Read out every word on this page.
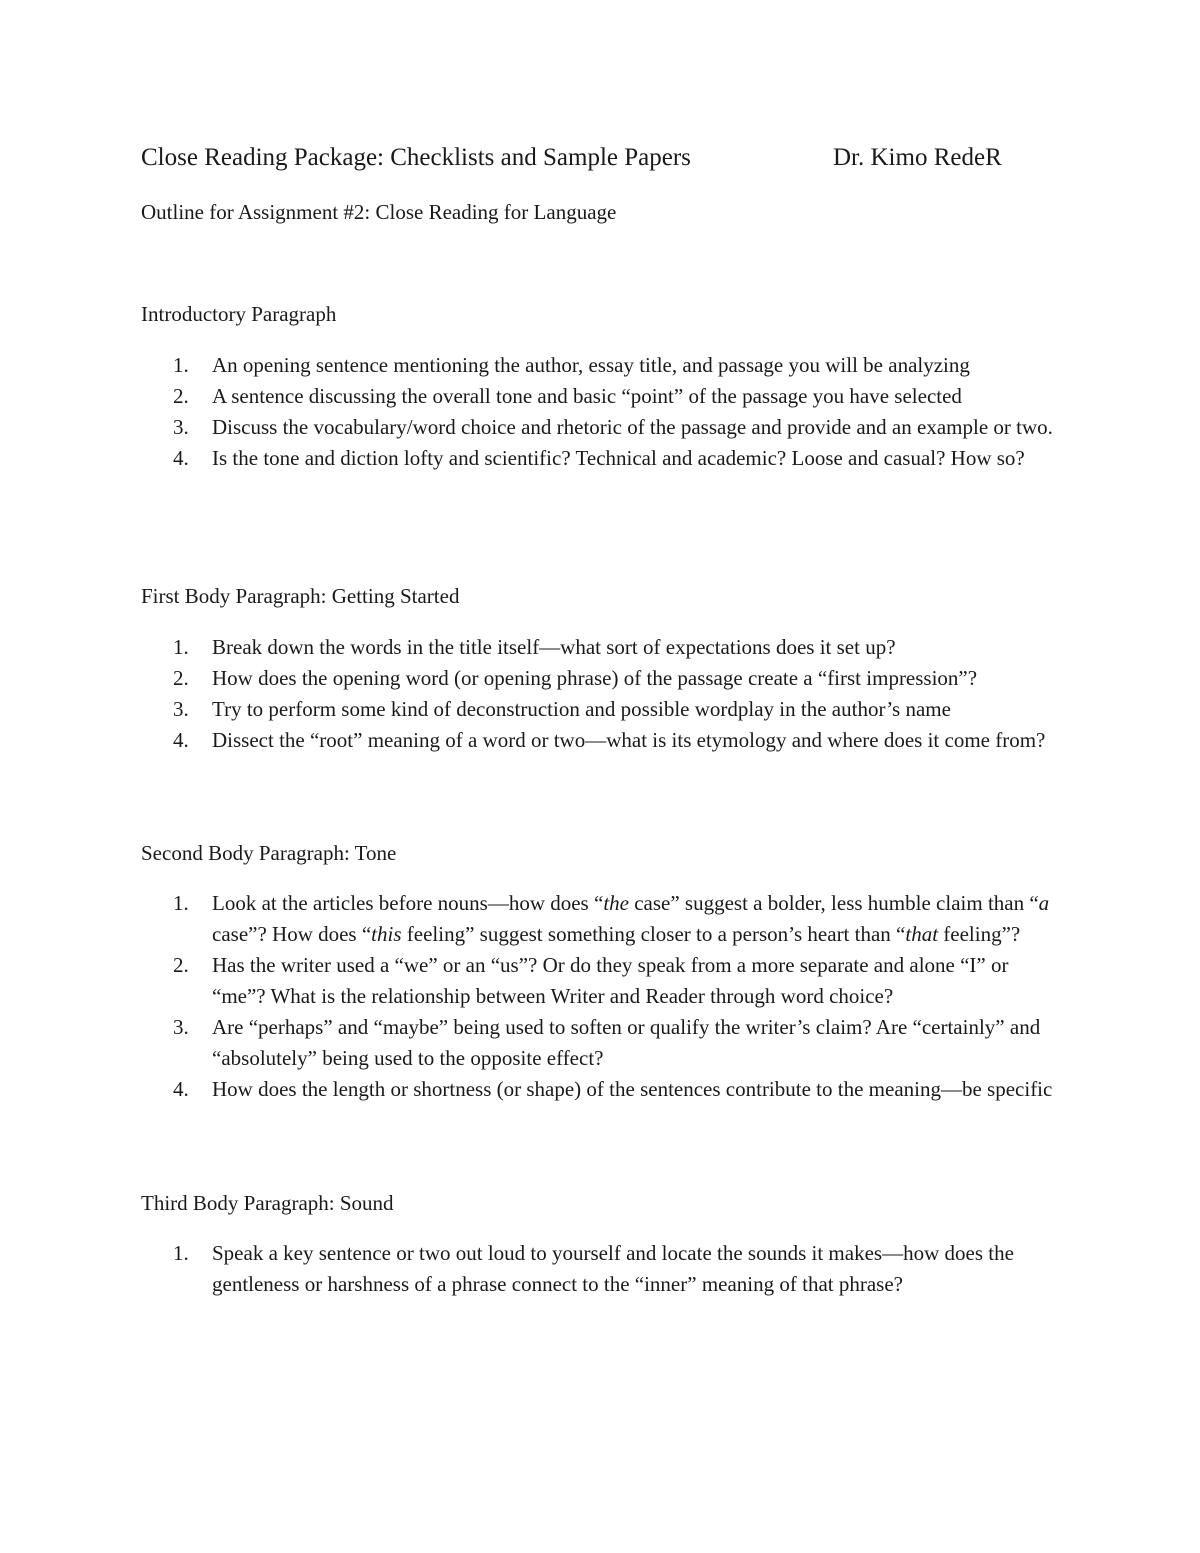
Close Reading Package: Checklists and Sample Papers	Dr. Kimo RedeR
Outline for Assignment #2: Close Reading for Language
Introductory Paragraph
1. An opening sentence mentioning the author, essay title, and passage you will be analyzing
2. A sentence discussing the overall tone and basic “point” of the passage you have selected
3. Discuss the vocabulary/word choice and rhetoric of the passage and provide and an example or two.
4. Is the tone and diction lofty and scientific? Technical and academic? Loose and casual? How so?
First Body Paragraph: Getting Started
1. Break down the words in the title itself—what sort of expectations does it set up?
2. How does the opening word (or opening phrase) of the passage create a “first impression”?
3. Try to perform some kind of deconstruction and possible wordplay in the author’s name
4. Dissect the “root” meaning of a word or two—what is its etymology and where does it come from?
Second Body Paragraph: Tone
1. Look at the articles before nouns—how does “the case” suggest a bolder, less humble claim than “a case”? How does “this feeling” suggest something closer to a person’s heart than “that feeling”?
2. Has the writer used a “we” or an “us”? Or do they speak from a more separate and alone “I” or “me”? What is the relationship between Writer and Reader through word choice?
3. Are “perhaps” and “maybe” being used to soften or qualify the writer’s claim? Are “certainly” and “absolutely” being used to the opposite effect?
4. How does the length or shortness (or shape) of the sentences contribute to the meaning—be specific
Third Body Paragraph: Sound
1. Speak a key sentence or two out loud to yourself and locate the sounds it makes—how does the gentleness or harshness of a phrase connect to the “inner” meaning of that phrase?
